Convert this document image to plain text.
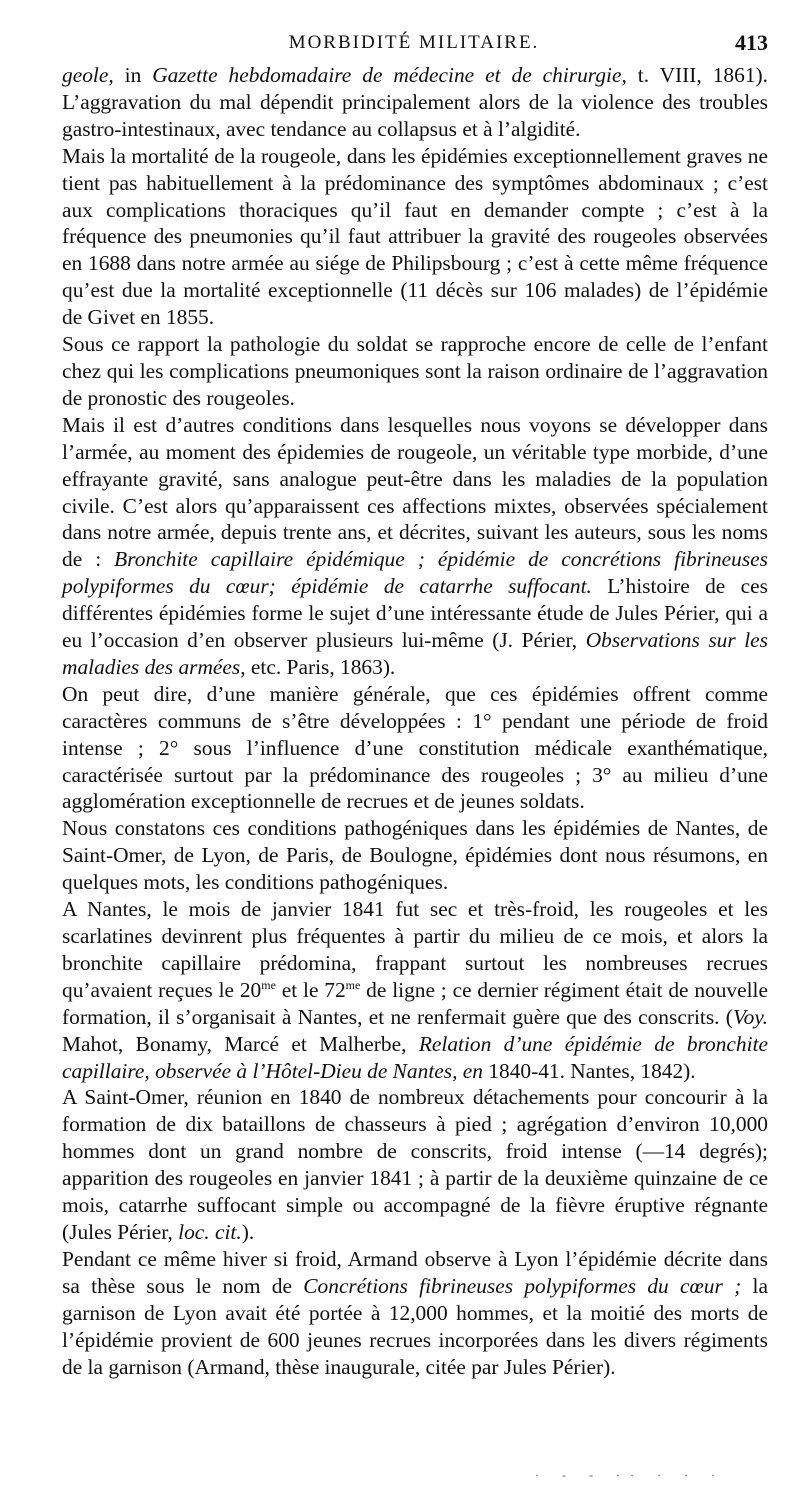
MORBIDITÉ MILITAIRE.	413

geole, in Gazette hebdomadaire de médecine et de chirurgie, t. VIII, 1861). L’aggravation du mal dépendit principalement alors de la violence des troubles gastro-intestinaux, avec tendance au collapsus et à l’algidité.

Mais la mortalité de la rougeole, dans les épidémies exceptionnellement graves ne tient pas habituellement à la prédominance des symptômes abdominaux ; c’est aux complications thoraciques qu’il faut en demander compte ; c’est à la fréquence des pneumonies qu’il faut attribuer la gravité des rougeoles observées en 1688 dans notre armée au siége de Philipsbourg ; c’est à cette même fréquence qu’est due la mortalité exceptionnelle (11 décès sur 106 malades) de l’épidémie de Givet en 1855.

Sous ce rapport la pathologie du soldat se rapproche encore de celle de l’enfant chez qui les complications pneumoniques sont la raison ordinaire de l’aggravation de pronostic des rougeoles.

Mais il est d’autres conditions dans lesquelles nous voyons se développer dans l’armée, au moment des épidemies de rougeole, un véritable type morbide, d’une effrayante gravité, sans analogue peut-être dans les maladies de la population civile. C’est alors qu’apparaissent ces affections mixtes, observées spécialement dans notre armée, depuis trente ans, et décrites, suivant les auteurs, sous les noms de : Bronchite capillaire épidémique ; épidémie de concrétions fibrineuses polypiformes du cœur; épidémie de catarrhe suffocant. L’histoire de ces différentes épidémies forme le sujet d’une intéressante étude de Jules Périer, qui a eu l’occasion d’en observer plusieurs lui-même (J. Périer, Observations sur les maladies des armées, etc. Paris, 1863).

On peut dire, d’une manière générale, que ces épidémies offrent comme caractères communs de s’être développées : 1° pendant une période de froid intense ; 2° sous l’influence d’une constitution médicale exanthématique, caractérisée surtout par la prédominance des rougeoles ; 3° au milieu d’une agglomération exceptionnelle de recrues et de jeunes soldats.

Nous constatons ces conditions pathogéniques dans les épidémies de Nantes, de Saint-Omer, de Lyon, de Paris, de Boulogne, épidémies dont nous résumons, en quelques mots, les conditions pathogéniques.

A Nantes, le mois de janvier 1841 fut sec et très-froid, les rougeoles et les scarlatines devinrent plus fréquentes à partir du milieu de ce mois, et alors la bronchite capillaire prédomina, frappant surtout les nombreuses recrues qu’avaient reçues le $20^{me}$ et le $72^{me}$ de ligne ; ce dernier régiment était de nouvelle formation, il s’organisait à Nantes, et ne renfermait guère que des conscrits. (Voy. Mahot, Bonamy, Marcé et Malherbe, Relation d’une épidémie de bronchite capillaire, observée à l’Hôtel-Dieu de Nantes, en 1840-41. Nantes, 1842).

A Saint-Omer, réunion en 1840 de nombreux détachements pour concourir à la formation de dix bataillons de chasseurs à pied ; agrégation d’environ 10,000 hommes dont un grand nombre de conscrits, froid intense (—14 degrés); apparition des rougeoles en janvier 1841 ; à partir de la deuxième quinzaine de ce mois, catarrhe suffocant simple ou accompagné de la fièvre éruptive régnante (Jules Périer, loc. cit.).

Pendant ce même hiver si froid, Armand observe à Lyon l’épidémie décrite dans sa thèse sous le nom de Concrétions fibrineuses polypiformes du cœur ; la garnison de Lyon avait été portée à 12,000 hommes, et la moitié des morts de l’épidémie provient de 600 jeunes recrues incorporées dans les divers régiments de la garnison (Armand, thèse inaugurale, citée par Jules Périer).

· - - ·· · · ·
